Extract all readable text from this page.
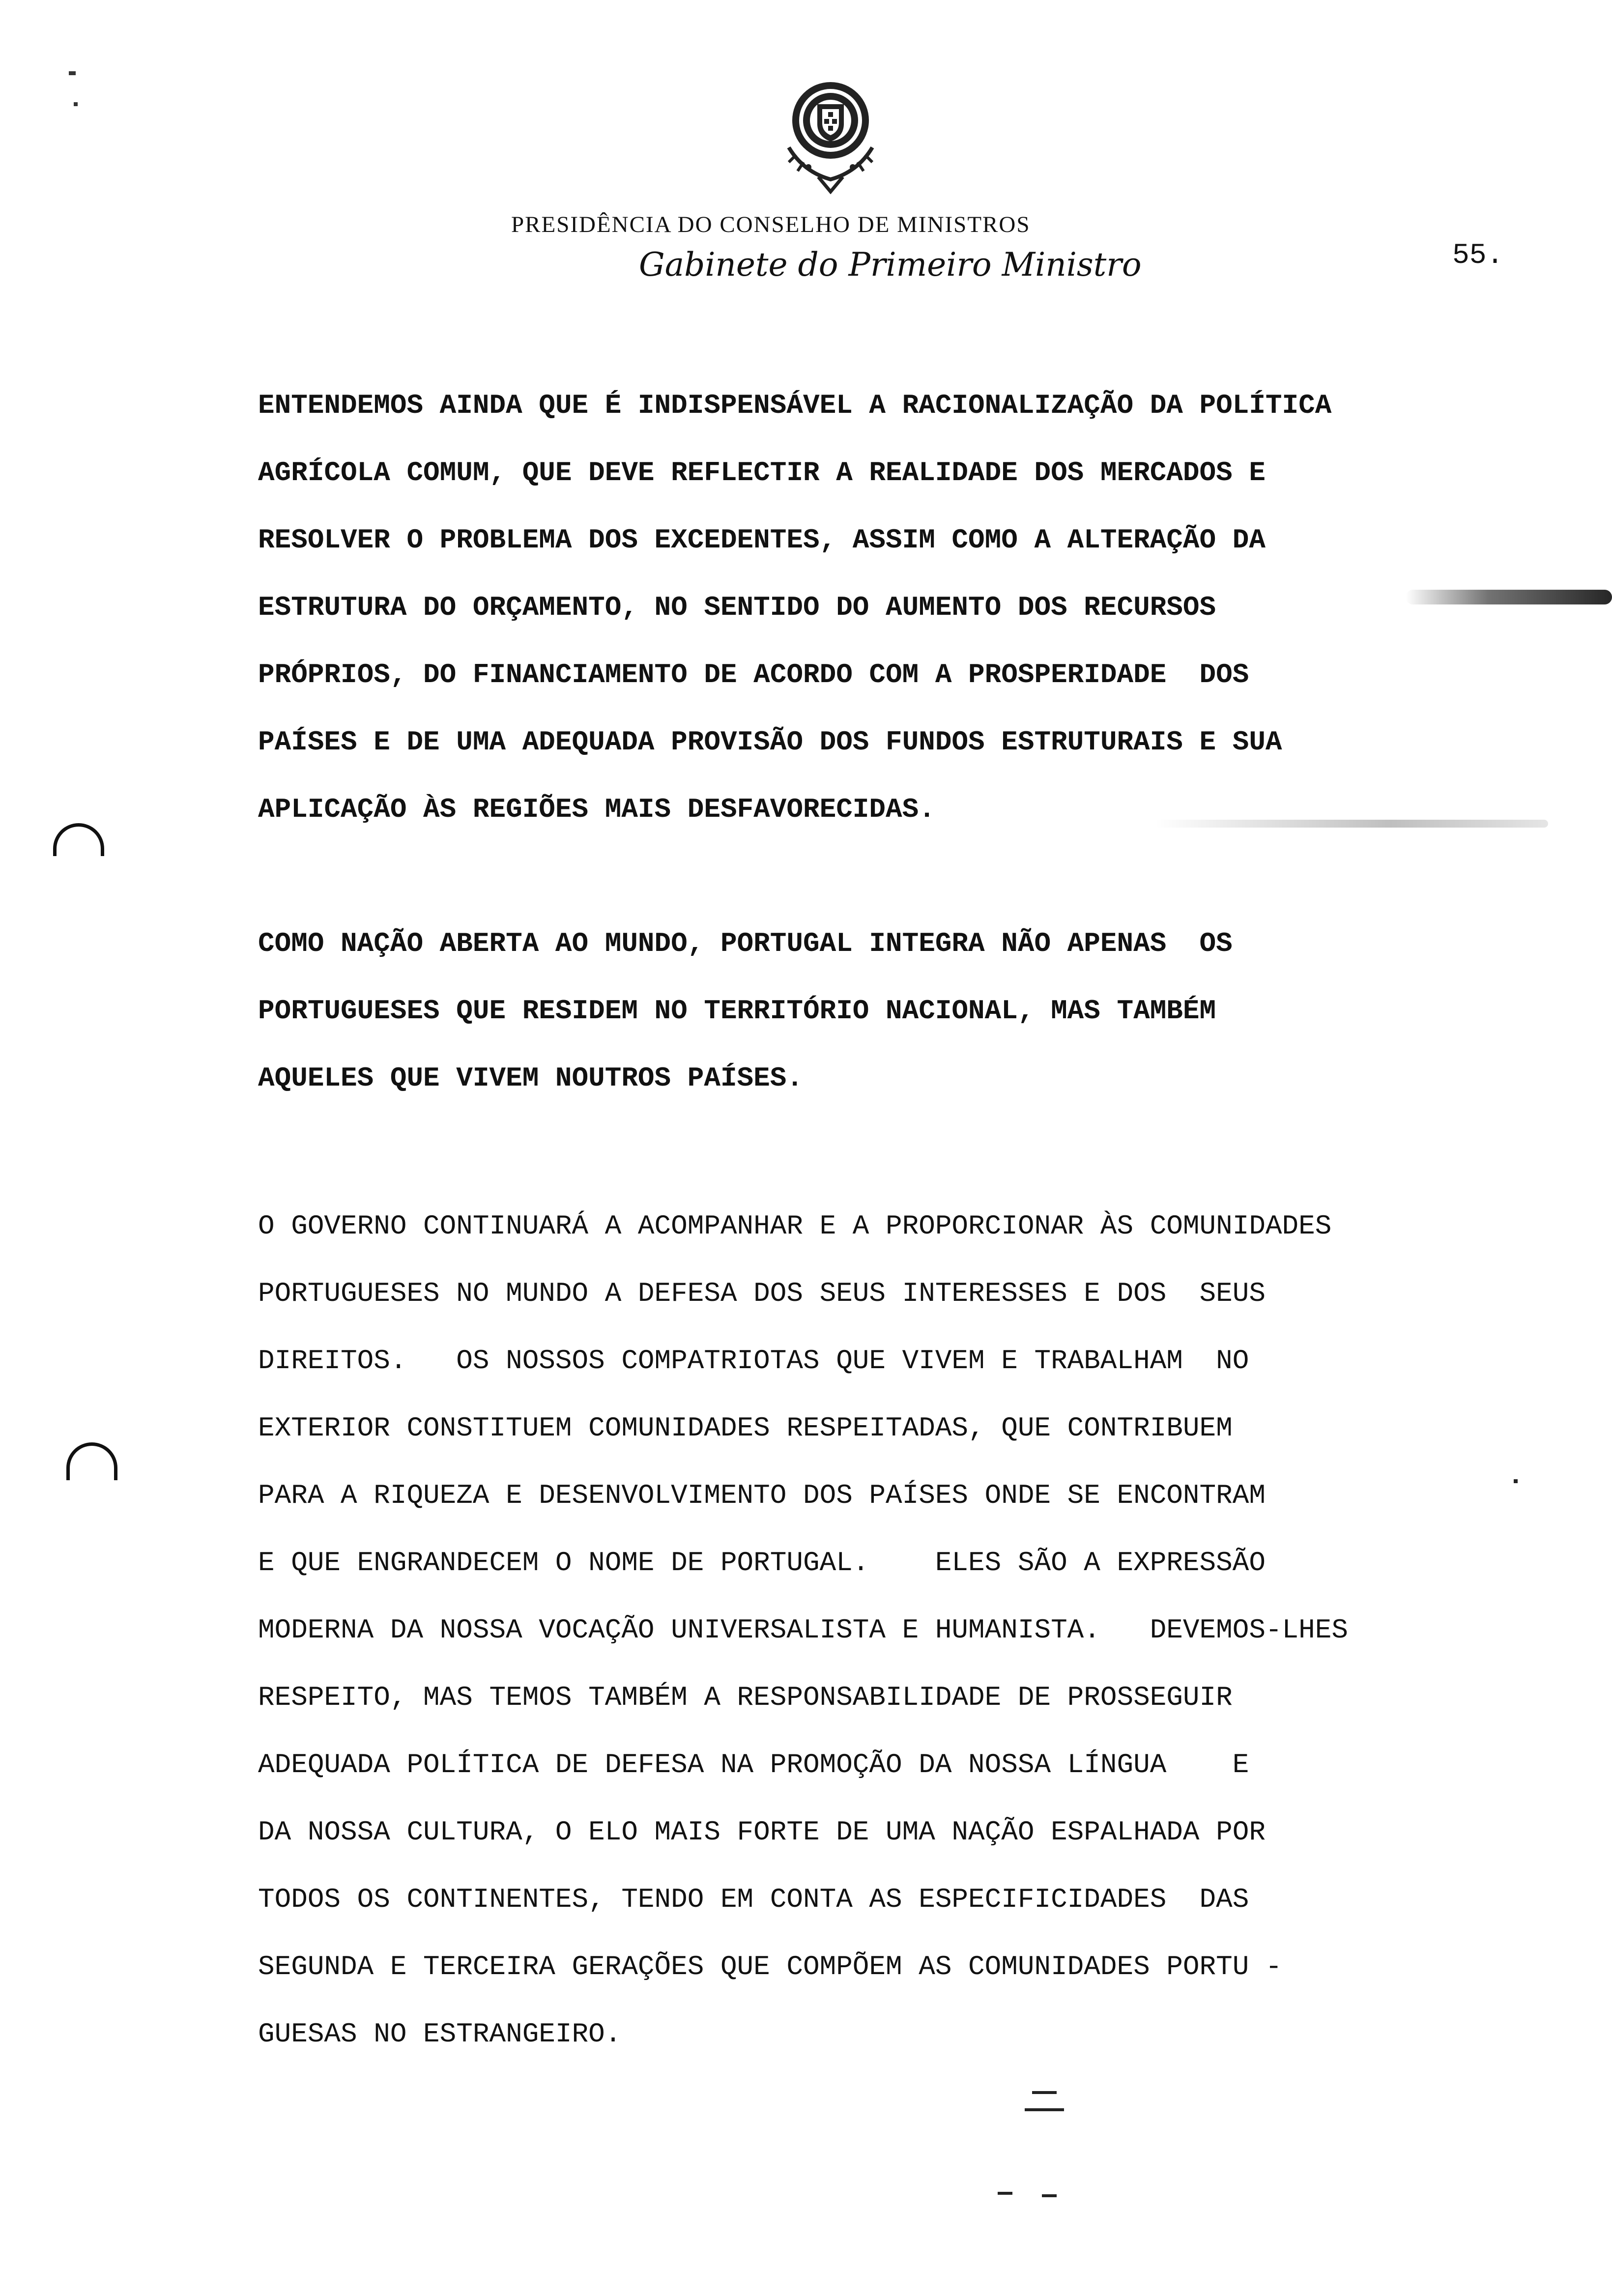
PRESIDÊNCIA DO CONSELHO DE MINISTROS
Gabinete do Primeiro Ministro	55.
ENTENDEMOS AINDA QUE É INDISPENSÁVEL A RACIONALIZAÇÃO DA POLÍTICA
AGRÍCOLA COMUM, QUE DEVE REFLECTIR A REALIDADE DOS MERCADOS E
RESOLVER O PROBLEMA DOS EXCEDENTES, ASSIM COMO A ALTERAÇÃO DA
ESTRUTURA DO ORÇAMENTO, NO SENTIDO DO AUMENTO DOS RECURSOS
PRÓPRIOS, DO FINANCIAMENTO DE ACORDO COM A PROSPERIDADE  DOS
PAÍSES E DE UMA ADEQUADA PROVISÃO DOS FUNDOS ESTRUTURAIS E SUA
APLICAÇÃO ÀS REGIÕES MAIS DESFAVORECIDAS.
COMO NAÇÃO ABERTA AO MUNDO, PORTUGAL INTEGRA NÃO APENAS  OS
PORTUGUESES QUE RESIDEM NO TERRITÓRIO NACIONAL, MAS TAMBÉM
AQUELES QUE VIVEM NOUTROS PAÍSES.
O GOVERNO CONTINUARÁ A ACOMPANHAR E A PROPORCIONAR ÀS COMUNIDADES
PORTUGUESES NO MUNDO A DEFESA DOS SEUS INTERESSES E DOS  SEUS
DIREITOS.   OS NOSSOS COMPATRIOTAS QUE VIVEM E TRABALHAM  NO
EXTERIOR CONSTITUEM COMUNIDADES RESPEITADAS, QUE CONTRIBUEM
PARA A RIQUEZA E DESENVOLVIMENTO DOS PAÍSES ONDE SE ENCONTRAM
E QUE ENGRANDECEM O NOME DE PORTUGAL.    ELES SÃO A EXPRESSÃO
MODERNA DA NOSSA VOCAÇÃO UNIVERSALISTA E HUMANISTA.   DEVEMOS-LHES
RESPEITO, MAS TEMOS TAMBÉM A RESPONSABILIDADE DE PROSSEGUIR
ADEQUADA POLÍTICA DE DEFESA NA PROMOÇÃO DA NOSSA LÍNGUA    E
DA NOSSA CULTURA, O ELO MAIS FORTE DE UMA NAÇÃO ESPALHADA POR
TODOS OS CONTINENTES, TENDO EM CONTA AS ESPECIFICIDADES  DAS
SEGUNDA E TERCEIRA GERAÇÕES QUE COMPÕEM AS COMUNIDADES PORTU -
GUESAS NO ESTRANGEIRO.
